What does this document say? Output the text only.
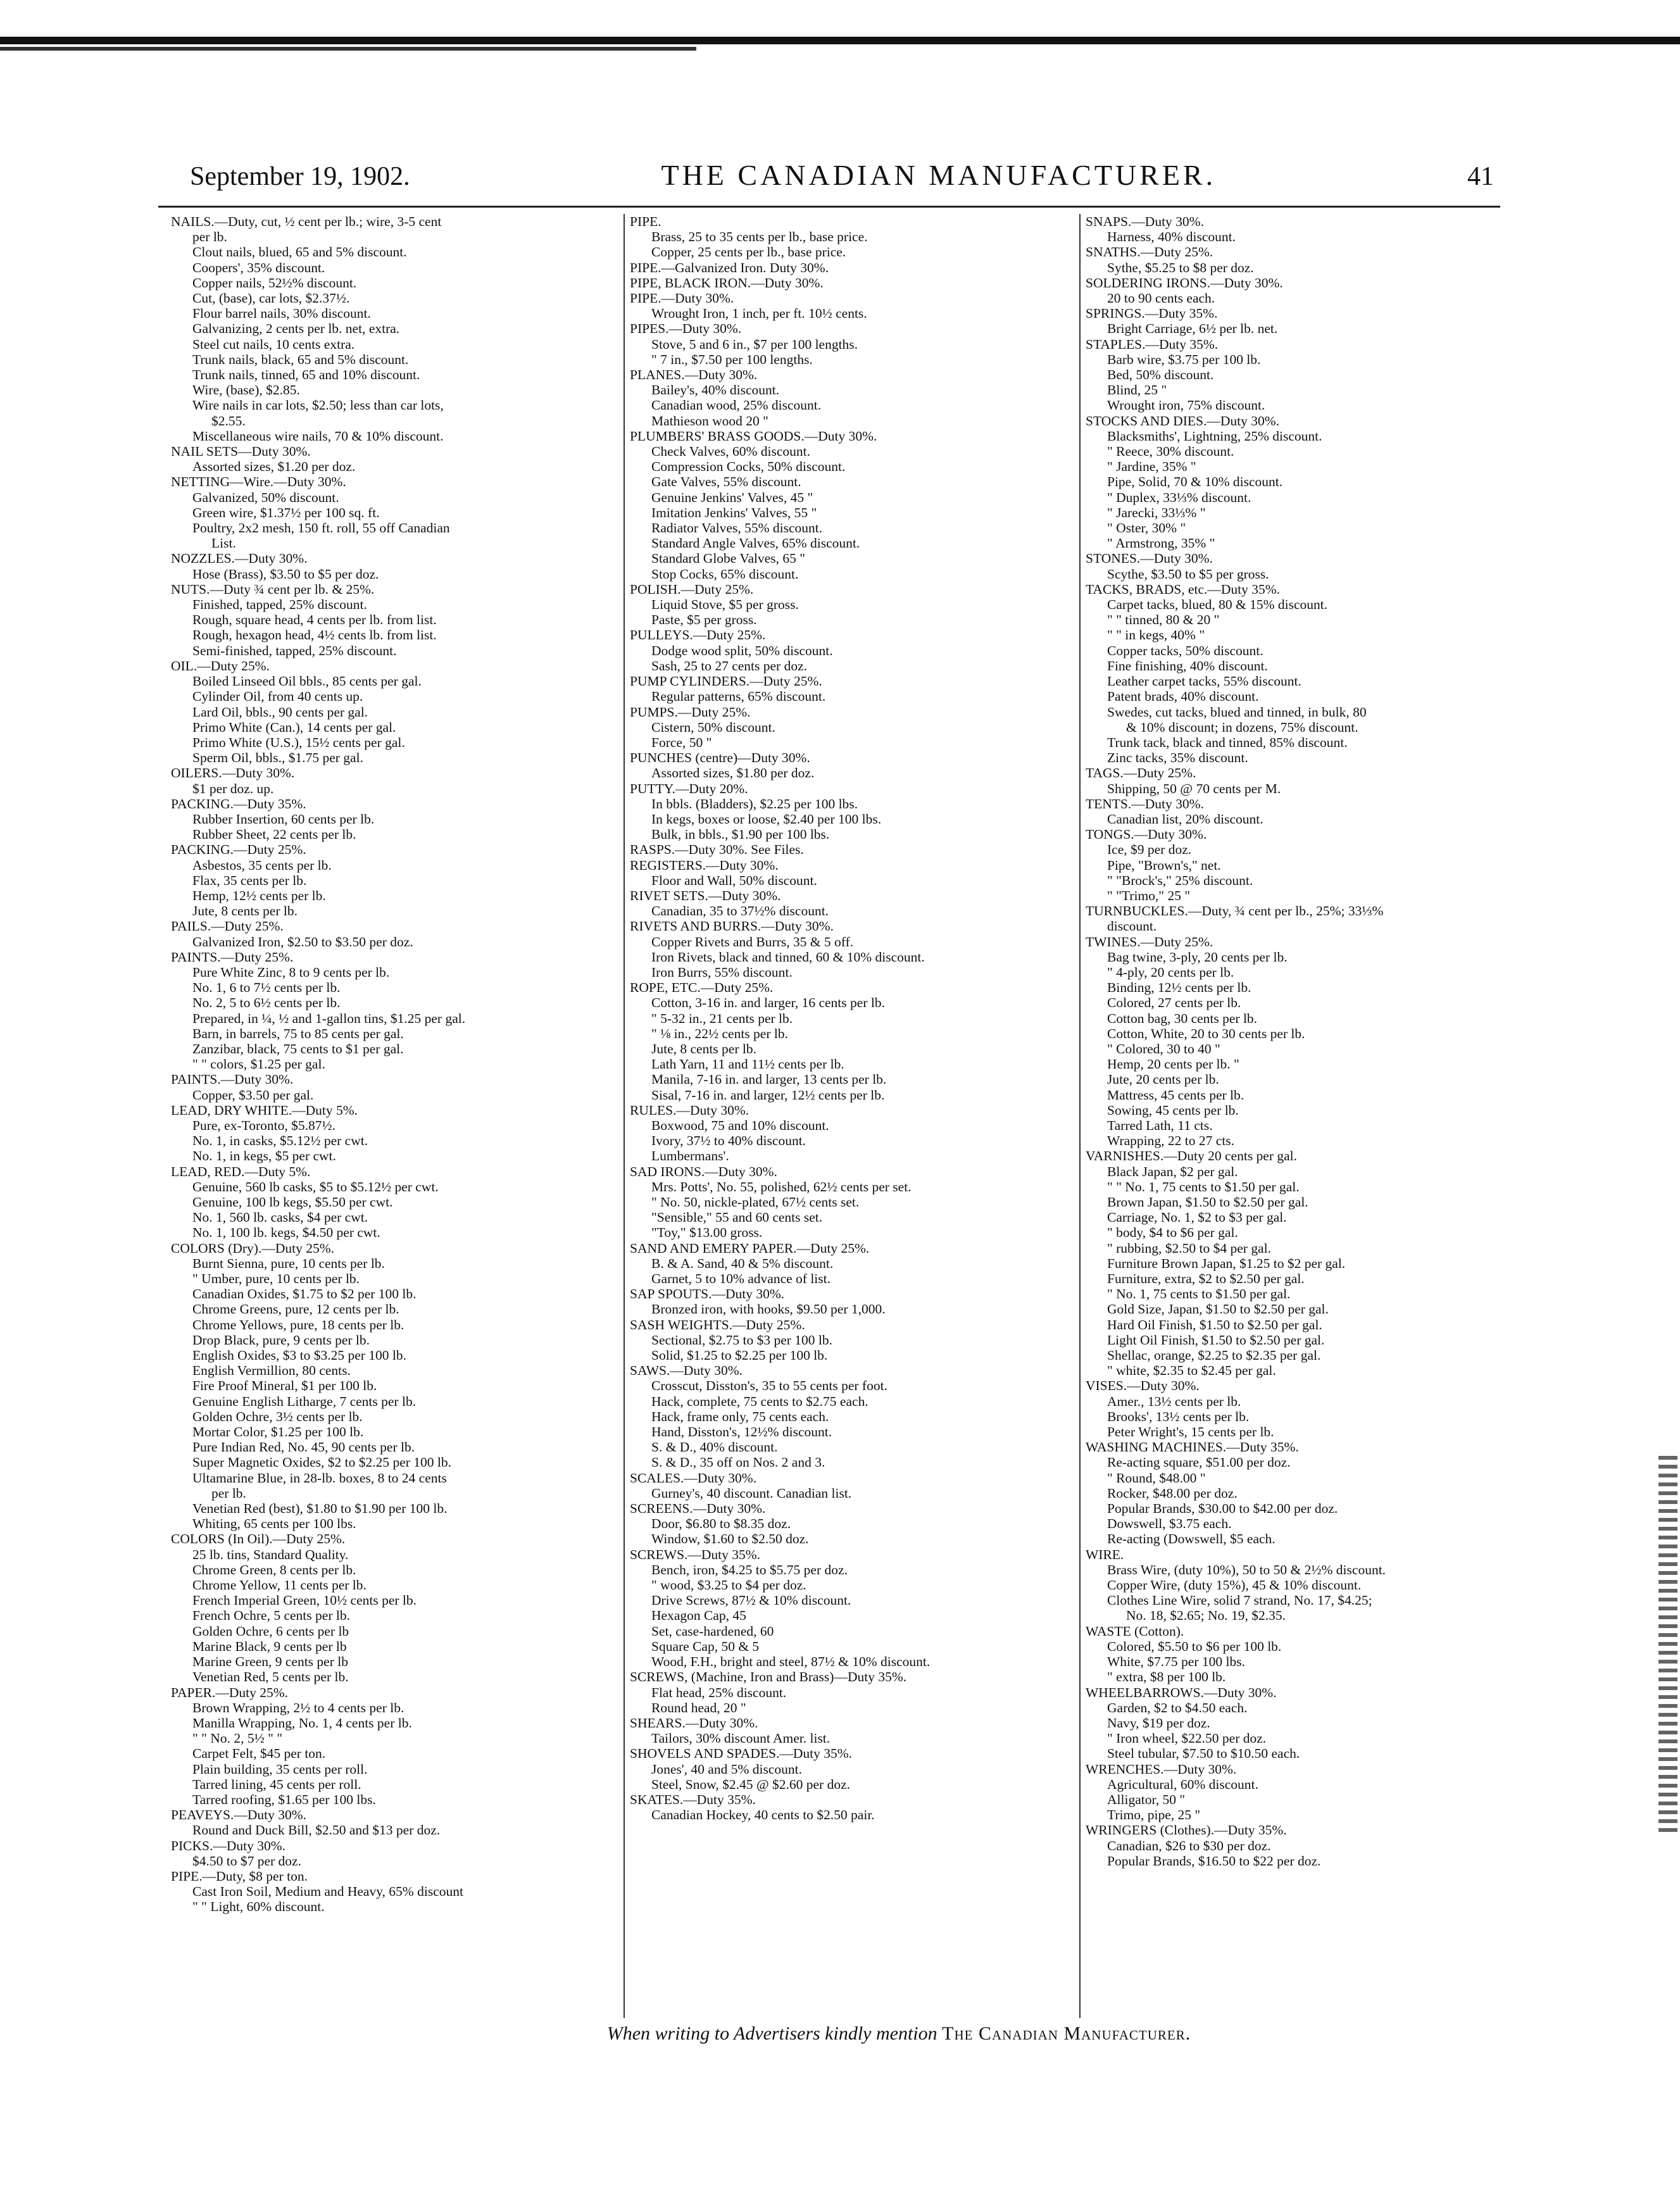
September 19, 1902.	THE CANADIAN MANUFACTURER.	41
NAILS.—Duty, cut, ½ cent per lb.; wire, 3-5 cent
per lb.
Clout nails, blued, 65 and 5% discount.
Coopers', 35% discount.
Copper nails, 52½% discount.
Cut, (base), car lots, $2.37½.
Flour barrel nails, 30% discount.
Galvanizing, 2 cents per lb. net, extra.
Steel cut nails, 10 cents extra.
Trunk nails, black, 65 and 5% discount.
Trunk nails, tinned, 65 and 10% discount.
Wire, (base), $2.85.
Wire nails in car lots, $2.50; less than car lots,
$2.55.
Miscellaneous wire nails, 70 & 10% discount.
NAIL SETS—Duty 30%.
Assorted sizes, $1.20 per doz.
NETTING—Wire.—Duty 30%.
Galvanized, 50% discount.
Green wire, $1.37½ per 100 sq. ft.
Poultry, 2x2 mesh, 150 ft. roll, 55 off Canadian
List.
NOZZLES.—Duty 30%.
Hose (Brass), $3.50 to $5 per doz.
NUTS.—Duty ¾ cent per lb. & 25%.
Finished, tapped, 25% discount.
Rough, square head, 4 cents per lb. from list.
Rough, hexagon head, 4½ cents lb. from list.
Semi-finished, tapped, 25% discount.
OIL.—Duty 25%.
Boiled Linseed Oil bbls., 85 cents per gal.
Cylinder Oil, from 40 cents up.
Lard Oil, bbls., 90 cents per gal.
Primo White (Can.), 14 cents per gal.
Primo White (U.S.), 15½ cents per gal.
Sperm Oil, bbls., $1.75 per gal.
OILERS.—Duty 30%.
$1 per doz. up.
PACKING.—Duty 35%.
Rubber Insertion, 60 cents per lb.
Rubber Sheet, 22 cents per lb.
PACKING.—Duty 25%.
Asbestos, 35 cents per lb.
Flax, 35 cents per lb.
Hemp, 12½ cents per lb.
Jute, 8 cents per lb.
PAILS.—Duty 25%.
Galvanized Iron, $2.50 to $3.50 per doz.
PAINTS.—Duty 25%.
Pure White Zinc, 8 to 9 cents per lb.
No. 1, 6 to 7½ cents per lb.
No. 2, 5 to 6½ cents per lb.
Prepared, in ¼, ½ and 1-gallon tins, $1.25 per gal.
Barn, in barrels, 75 to 85 cents per gal.
Zanzibar, black, 75 cents to $1 per gal.
" " colors, $1.25 per gal.
PAINTS.—Duty 30%.
Copper, $3.50 per gal.
LEAD, DRY WHITE.—Duty 5%.
Pure, ex-Toronto, $5.87½.
No. 1, in casks, $5.12½ per cwt.
No. 1, in kegs, $5 per cwt.
LEAD, RED.—Duty 5%.
Genuine, 560 lb casks, $5 to $5.12½ per cwt.
Genuine, 100 lb kegs, $5.50 per cwt.
No. 1, 560 lb. casks, $4 per cwt.
No. 1, 100 lb. kegs, $4.50 per cwt.
COLORS (Dry).—Duty 25%.
Burnt Sienna, pure, 10 cents per lb.
" Umber, pure, 10 cents per lb.
Canadian Oxides, $1.75 to $2 per 100 lb.
Chrome Greens, pure, 12 cents per lb.
Chrome Yellows, pure, 18 cents per lb.
Drop Black, pure, 9 cents per lb.
English Oxides, $3 to $3.25 per 100 lb.
English Vermillion, 80 cents.
Fire Proof Mineral, $1 per 100 lb.
Genuine English Litharge, 7 cents per lb.
Golden Ochre, 3½ cents per lb.
Mortar Color, $1.25 per 100 lb.
Pure Indian Red, No. 45, 90 cents per lb.
Super Magnetic Oxides, $2 to $2.25 per 100 lb.
Ultamarine Blue, in 28-lb. boxes, 8 to 24 cents
per lb.
Venetian Red (best), $1.80 to $1.90 per 100 lb.
Whiting, 65 cents per 100 lbs.
COLORS (In Oil).—Duty 25%.
25 lb. tins, Standard Quality.
Chrome Green, 8 cents per lb.
Chrome Yellow, 11 cents per lb.
French Imperial Green, 10½ cents per lb.
French Ochre, 5 cents per lb.
Golden Ochre, 6 cents per lb
Marine Black, 9 cents per lb
Marine Green, 9 cents per lb
Venetian Red, 5 cents per lb.
PAPER.—Duty 25%.
Brown Wrapping, 2½ to 4 cents per lb.
Manilla Wrapping, No. 1, 4 cents per lb.
" " No. 2, 5½ " "
Carpet Felt, $45 per ton.
Plain building, 35 cents per roll.
Tarred lining, 45 cents per roll.
Tarred roofing, $1.65 per 100 lbs.
PEAVEYS.—Duty 30%.
Round and Duck Bill, $2.50 and $13 per doz.
PICKS.—Duty 30%.
$4.50 to $7 per doz.
PIPE.—Duty, $8 per ton.
Cast Iron Soil, Medium and Heavy, 65% discount
" " Light, 60% discount.
PIPE.
Brass, 25 to 35 cents per lb., base price.
Copper, 25 cents per lb., base price.
PIPE.—Galvanized Iron. Duty 30%.
PIPE, BLACK IRON.—Duty 30%.
PIPE.—Duty 30%.
Wrought Iron, 1 inch, per ft. 10½ cents.
PIPES.—Duty 30%.
Stove, 5 and 6 in., $7 per 100 lengths.
" 7 in., $7.50 per 100 lengths.
PLANES.—Duty 30%.
Bailey's, 40% discount.
Canadian wood, 25% discount.
Mathieson wood 20 "
PLUMBERS' BRASS GOODS.—Duty 30%.
Check Valves, 60% discount.
Compression Cocks, 50% discount.
Gate Valves, 55% discount.
Genuine Jenkins' Valves, 45 "
Imitation Jenkins' Valves, 55 "
Radiator Valves, 55% discount.
Standard Angle Valves, 65% discount.
Standard Globe Valves, 65 "
Stop Cocks, 65% discount.
POLISH.—Duty 25%.
Liquid Stove, $5 per gross.
Paste, $5 per gross.
PULLEYS.—Duty 25%.
Dodge wood split, 50% discount.
Sash, 25 to 27 cents per doz.
PUMP CYLINDERS.—Duty 25%.
Regular patterns, 65% discount.
PUMPS.—Duty 25%.
Cistern, 50% discount.
Force, 50 "
PUNCHES (centre)—Duty 30%.
Assorted sizes, $1.80 per doz.
PUTTY.—Duty 20%.
In bbls. (Bladders), $2.25 per 100 lbs.
In kegs, boxes or loose, $2.40 per 100 lbs.
Bulk, in bbls., $1.90 per 100 lbs.
RASPS.—Duty 30%. See Files.
REGISTERS.—Duty 30%.
Floor and Wall, 50% discount.
RIVET SETS.—Duty 30%.
Canadian, 35 to 37½% discount.
RIVETS AND BURRS.—Duty 30%.
Copper Rivets and Burrs, 35 & 5 off.
Iron Rivets, black and tinned, 60 & 10% discount.
Iron Burrs, 55% discount.
ROPE, ETC.—Duty 25%.
Cotton, 3-16 in. and larger, 16 cents per lb.
" 5-32 in., 21 cents per lb.
" ⅛ in., 22½ cents per lb.
Jute, 8 cents per lb.
Lath Yarn, 11 and 11½ cents per lb.
Manila, 7-16 in. and larger, 13 cents per lb.
Sisal, 7-16 in. and larger, 12½ cents per lb.
RULES.—Duty 30%.
Boxwood, 75 and 10% discount.
Ivory, 37½ to 40% discount.
Lumbermans'.
SAD IRONS.—Duty 30%.
Mrs. Potts', No. 55, polished, 62½ cents per set.
" No. 50, nickle-plated, 67½ cents set.
"Sensible," 55 and 60 cents set.
"Toy," $13.00 gross.
SAND AND EMERY PAPER.—Duty 25%.
B. & A. Sand, 40 & 5% discount.
Garnet, 5 to 10% advance of list.
SAP SPOUTS.—Duty 30%.
Bronzed iron, with hooks, $9.50 per 1,000.
SASH WEIGHTS.—Duty 25%.
Sectional, $2.75 to $3 per 100 lb.
Solid, $1.25 to $2.25 per 100 lb.
SAWS.—Duty 30%.
Crosscut, Disston's, 35 to 55 cents per foot.
Hack, complete, 75 cents to $2.75 each.
Hack, frame only, 75 cents each.
Hand, Disston's, 12½% discount.
S. & D., 40% discount.
S. & D., 35 off on Nos. 2 and 3.
SCALES.—Duty 30%.
Gurney's, 40 discount. Canadian list.
SCREENS.—Duty 30%.
Door, $6.80 to $8.35 doz.
Window, $1.60 to $2.50 doz.
SCREWS.—Duty 35%.
Bench, iron, $4.25 to $5.75 per doz.
" wood, $3.25 to $4 per doz.
Drive Screws, 87½ & 10% discount.
Hexagon Cap, 45
Set, case-hardened, 60
Square Cap, 50 & 5
Wood, F.H., bright and steel, 87½ & 10% discount.
SCREWS, (Machine, Iron and Brass)—Duty 35%.
Flat head, 25% discount.
Round head, 20 "
SHEARS.—Duty 30%.
Tailors, 30% discount Amer. list.
SHOVELS AND SPADES.—Duty 35%.
Jones', 40 and 5% discount.
Steel, Snow, $2.45 @ $2.60 per doz.
SKATES.—Duty 35%.
Canadian Hockey, 40 cents to $2.50 pair.
SNAPS.—Duty 30%.
Harness, 40% discount.
SNATHS.—Duty 25%.
Sythe, $5.25 to $8 per doz.
SOLDERING IRONS.—Duty 30%.
20 to 90 cents each.
SPRINGS.—Duty 35%.
Bright Carriage, 6½ per lb. net.
STAPLES.—Duty 35%.
Barb wire, $3.75 per 100 lb.
Bed, 50% discount.
Blind, 25 "
Wrought iron, 75% discount.
STOCKS AND DIES.—Duty 30%.
Blacksmiths', Lightning, 25% discount.
" Reece, 30% discount.
" Jardine, 35% "
Pipe, Solid, 70 & 10% discount.
" Duplex, 33⅓% discount.
" Jarecki, 33⅓% "
" Oster, 30% "
" Armstrong, 35% "
STONES.—Duty 30%.
Scythe, $3.50 to $5 per gross.
TACKS, BRADS, etc.—Duty 35%.
Carpet tacks, blued, 80 & 15% discount.
" " tinned, 80 & 20 "
" " in kegs, 40% "
Copper tacks, 50% discount.
Fine finishing, 40% discount.
Leather carpet tacks, 55% discount.
Patent brads, 40% discount.
Swedes, cut tacks, blued and tinned, in bulk, 80
& 10% discount; in dozens, 75% discount.
Trunk tack, black and tinned, 85% discount.
Zinc tacks, 35% discount.
TAGS.—Duty 25%.
Shipping, 50 @ 70 cents per M.
TENTS.—Duty 30%.
Canadian list, 20% discount.
TONGS.—Duty 30%.
Ice, $9 per doz.
Pipe, "Brown's," net.
" "Brock's," 25% discount.
" "Trimo," 25 "
TURNBUCKLES.—Duty, ¾ cent per lb., 25%; 33⅓%
discount.
TWINES.—Duty 25%.
Bag twine, 3-ply, 20 cents per lb.
" 4-ply, 20 cents per lb.
Binding, 12½ cents per lb.
Colored, 27 cents per lb.
Cotton bag, 30 cents per lb.
Cotton, White, 20 to 30 cents per lb.
" Colored, 30 to 40 "
Hemp, 20 cents per lb. "
Jute, 20 cents per lb.
Mattress, 45 cents per lb.
Sowing, 45 cents per lb.
Tarred Lath, 11 cts.
Wrapping, 22 to 27 cts.
VARNISHES.—Duty 20 cents per gal.
Black Japan, $2 per gal.
" " No. 1, 75 cents to $1.50 per gal.
Brown Japan, $1.50 to $2.50 per gal.
Carriage, No. 1, $2 to $3 per gal.
" body, $4 to $6 per gal.
" rubbing, $2.50 to $4 per gal.
Furniture Brown Japan, $1.25 to $2 per gal.
Furniture, extra, $2 to $2.50 per gal.
" No. 1, 75 cents to $1.50 per gal.
Gold Size, Japan, $1.50 to $2.50 per gal.
Hard Oil Finish, $1.50 to $2.50 per gal.
Light Oil Finish, $1.50 to $2.50 per gal.
Shellac, orange, $2.25 to $2.35 per gal.
" white, $2.35 to $2.45 per gal.
VISES.—Duty 30%.
Amer., 13½ cents per lb.
Brooks', 13½ cents per lb.
Peter Wright's, 15 cents per lb.
WASHING MACHINES.—Duty 35%.
Re-acting square, $51.00 per doz.
" Round, $48.00 "
Rocker, $48.00 per doz.
Popular Brands, $30.00 to $42.00 per doz.
Dowswell, $3.75 each.
Re-acting (Dowswell, $5 each.
WIRE.
Brass Wire, (duty 10%), 50 to 50 & 2½% discount.
Copper Wire, (duty 15%), 45 & 10% discount.
Clothes Line Wire, solid 7 strand, No. 17, $4.25;
No. 18, $2.65; No. 19, $2.35.
WASTE (Cotton).
Colored, $5.50 to $6 per 100 lb.
White, $7.75 per 100 lbs.
" extra, $8 per 100 lb.
WHEELBARROWS.—Duty 30%.
Garden, $2 to $4.50 each.
Navy, $19 per doz.
" Iron wheel, $22.50 per doz.
Steel tubular, $7.50 to $10.50 each.
WRENCHES.—Duty 30%.
Agricultural, 60% discount.
Alligator, 50 "
Trimo, pipe, 25 "
WRINGERS (Clothes).—Duty 35%.
Canadian, $26 to $30 per doz.
Popular Brands, $16.50 to $22 per doz.
When writing to Advertisers kindly mention The Canadian Manufacturer.
